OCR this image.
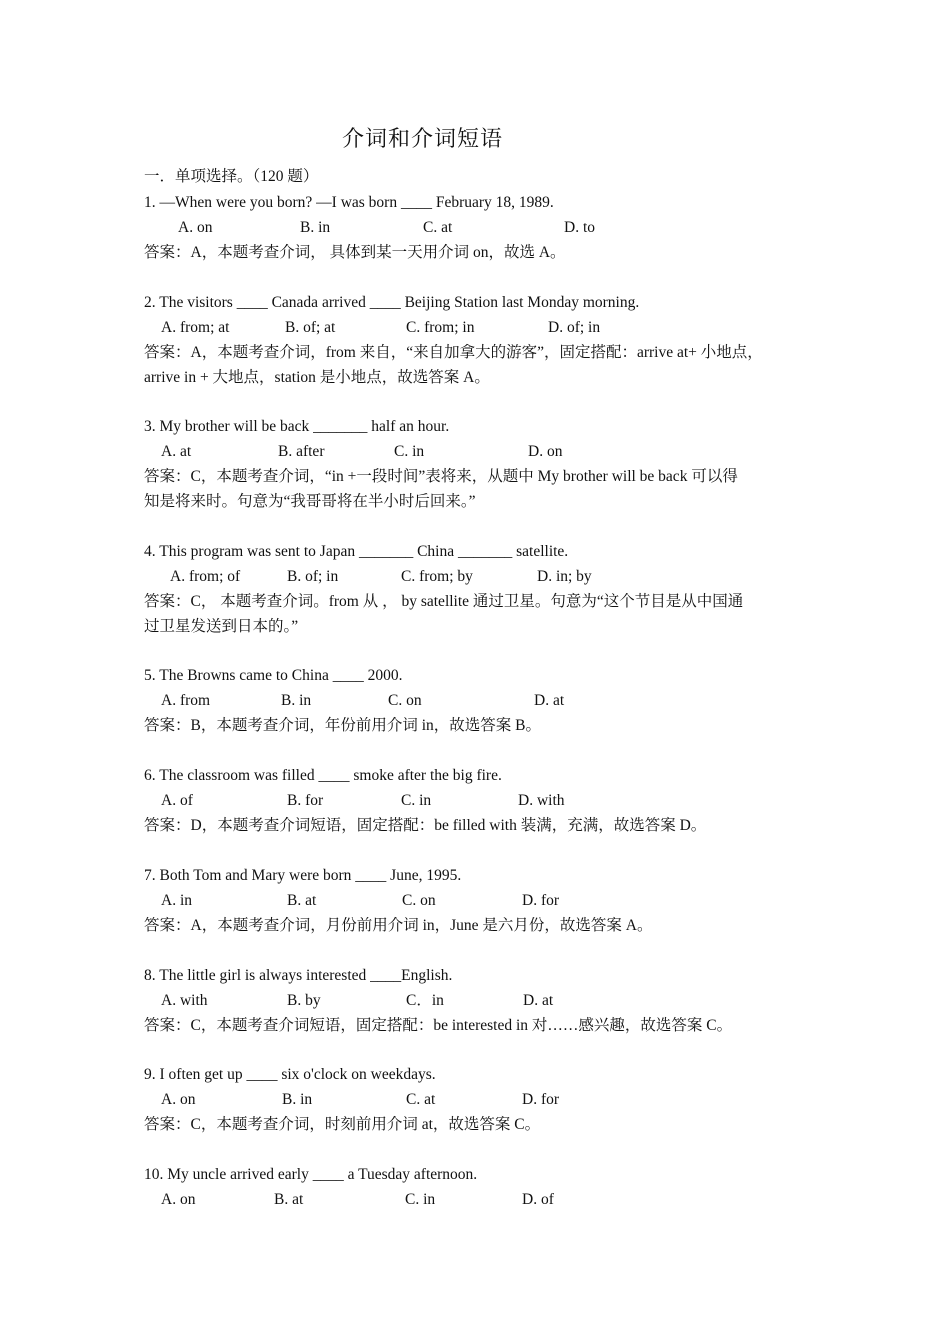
介词和介词短语
一．单项选择。（120 题）
1. —When were you born? —I was born ____ February 18, 1989.
A. on	B. in	C. at	D. to
答案：A，本题考查介词， 具体到某一天用介词 on，故选 A。
2. The visitors ____ Canada arrived ____ Beijing Station last Monday morning.
A. from; at	B. of; at	C. from; in	D. of; in
答案：A，本题考查介词，from 来自，“来自加拿大的游客”，固定搭配：arrive at+ 小地点，
arrive in + 大地点，station 是小地点，故选答案 A。
3. My brother will be back _______ half an hour.
A. at	B. after	C. in	D. on
答案：C，本题考查介词，“in +一段时间”表将来，从题中 My brother will be back 可以得
知是将来时。句意为“我哥哥将在半小时后回来。”
4. This program was sent to Japan _______ China _______ satellite.
A. from; of	B. of; in	C. from; by	D. in; by
答案：C， 本题考查介词。from 从 ， by satellite 通过卫星。句意为“这个节目是从中国通
过卫星发送到日本的。”
5. The Browns came to China ____ 2000.
A. from	B. in	C. on	D. at
答案：B，本题考查介词，年份前用介词 in，故选答案 B。
6. The classroom was filled ____ smoke after the big fire.
A. of	B. for	C. in	D. with
答案：D，本题考查介词短语，固定搭配：be filled with 装满，充满，故选答案 D。
7. Both Tom and Mary were born ____ June, 1995.
A. in	B. at	C. on	D. for
答案：A，本题考查介词，月份前用介词 in，June 是六月份，故选答案 A。
8. The little girl is always interested ____English.
A. with	B. by	C．in	D. at
答案：C，本题考查介词短语，固定搭配：be interested in 对……感兴趣，故选答案 C。
9. I often get up ____ six o'clock on weekdays.
A. on	B. in	C. at	D. for
答案：C，本题考查介词，时刻前用介词 at，故选答案 C。
10. My uncle arrived early ____ a Tuesday afternoon.
A. on	B. at	C. in	D. of
